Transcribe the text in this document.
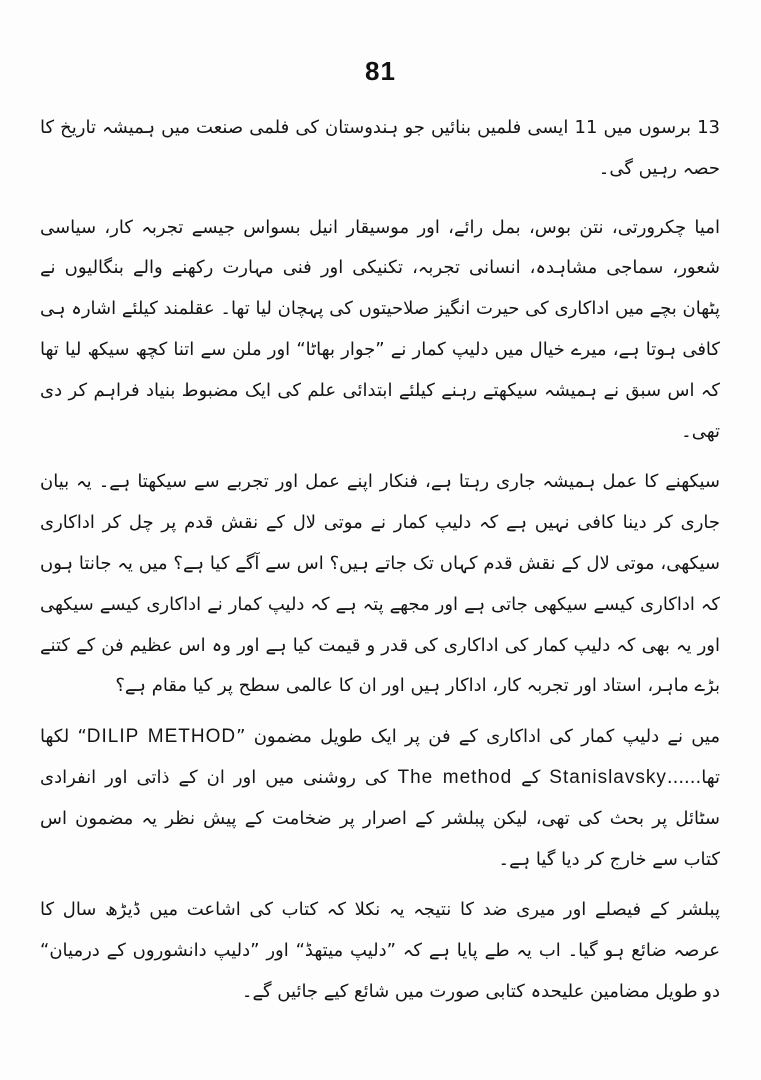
81

13 برسوں میں 11 ایسی فلمیں بنائیں جو ہندوستان کی فلمی صنعت میں ہمیشہ تاریخ کا حصہ رہیں گی۔

امیا چکرورتی، نتن بوس، بمل رائے، اور موسیقار انیل بسواس جیسے تجربہ کار، سیاسی شعور، سماجی مشاہدہ، انسانی تجربہ، تکنیکی اور فنی مہارت رکھنے والے بنگالیوں نے پٹھان بچے میں اداکاری کی حیرت انگیز صلاحیتوں کی پہچان لیا تھا۔ عقلمند کیلئے اشارہ ہی کافی ہوتا ہے، میرے خیال میں دلیپ کمار نے ”جوار بھاٹا“ اور ملن سے اتنا کچھ سیکھ لیا تھا کہ اس سبق نے ہمیشہ سیکھتے رہنے کیلئے ابتدائی علم کی ایک مضبوط بنیاد فراہم کر دی تھی۔

سیکھنے کا عمل ہمیشہ جاری رہتا ہے، فنکار اپنے عمل اور تجربے سے سیکھتا ہے۔ یہ بیان جاری کر دینا کافی نہیں ہے کہ دلیپ کمار نے موتی لال کے نقش قدم پر چل کر اداکاری سیکھی، موتی لال کے نقش قدم کہاں تک جاتے ہیں؟ اس سے آگے کیا ہے؟ میں یہ جانتا ہوں کہ اداکاری کیسے سیکھی جاتی ہے اور مجھے پتہ ہے کہ دلیپ کمار نے اداکاری کیسے سیکھی اور یہ بھی کہ دلیپ کمار کی اداکاری کی قدر و قیمت کیا ہے اور وہ اس عظیم فن کے کتنے بڑے ماہر، استاد اور تجربہ کار، اداکار ہیں اور ان کا عالمی سطح پر کیا مقام ہے؟

میں نے دلیپ کمار کی اداکاری کے فن پر ایک طویل مضمون ”DILIP METHOD“ لکھا تھا......Stanislavsky کے The method کی روشنی میں اور ان کے ذاتی اور انفرادی سٹائل پر بحث کی تھی، لیکن پبلشر کے اصرار پر ضخامت کے پیش نظر یہ مضمون اس کتاب سے خارج کر دیا گیا ہے۔

پبلشر کے فیصلے اور میری ضد کا نتیجہ یہ نکلا کہ کتاب کی اشاعت میں ڈیڑھ سال کا عرصہ ضائع ہو گیا۔ اب یہ طے پایا ہے کہ ”دلیپ میتھڈ“ اور ”دلیپ دانشوروں کے درمیان“ دو طویل مضامین علیحدہ کتابی صورت میں شائع کیے جائیں گے۔
